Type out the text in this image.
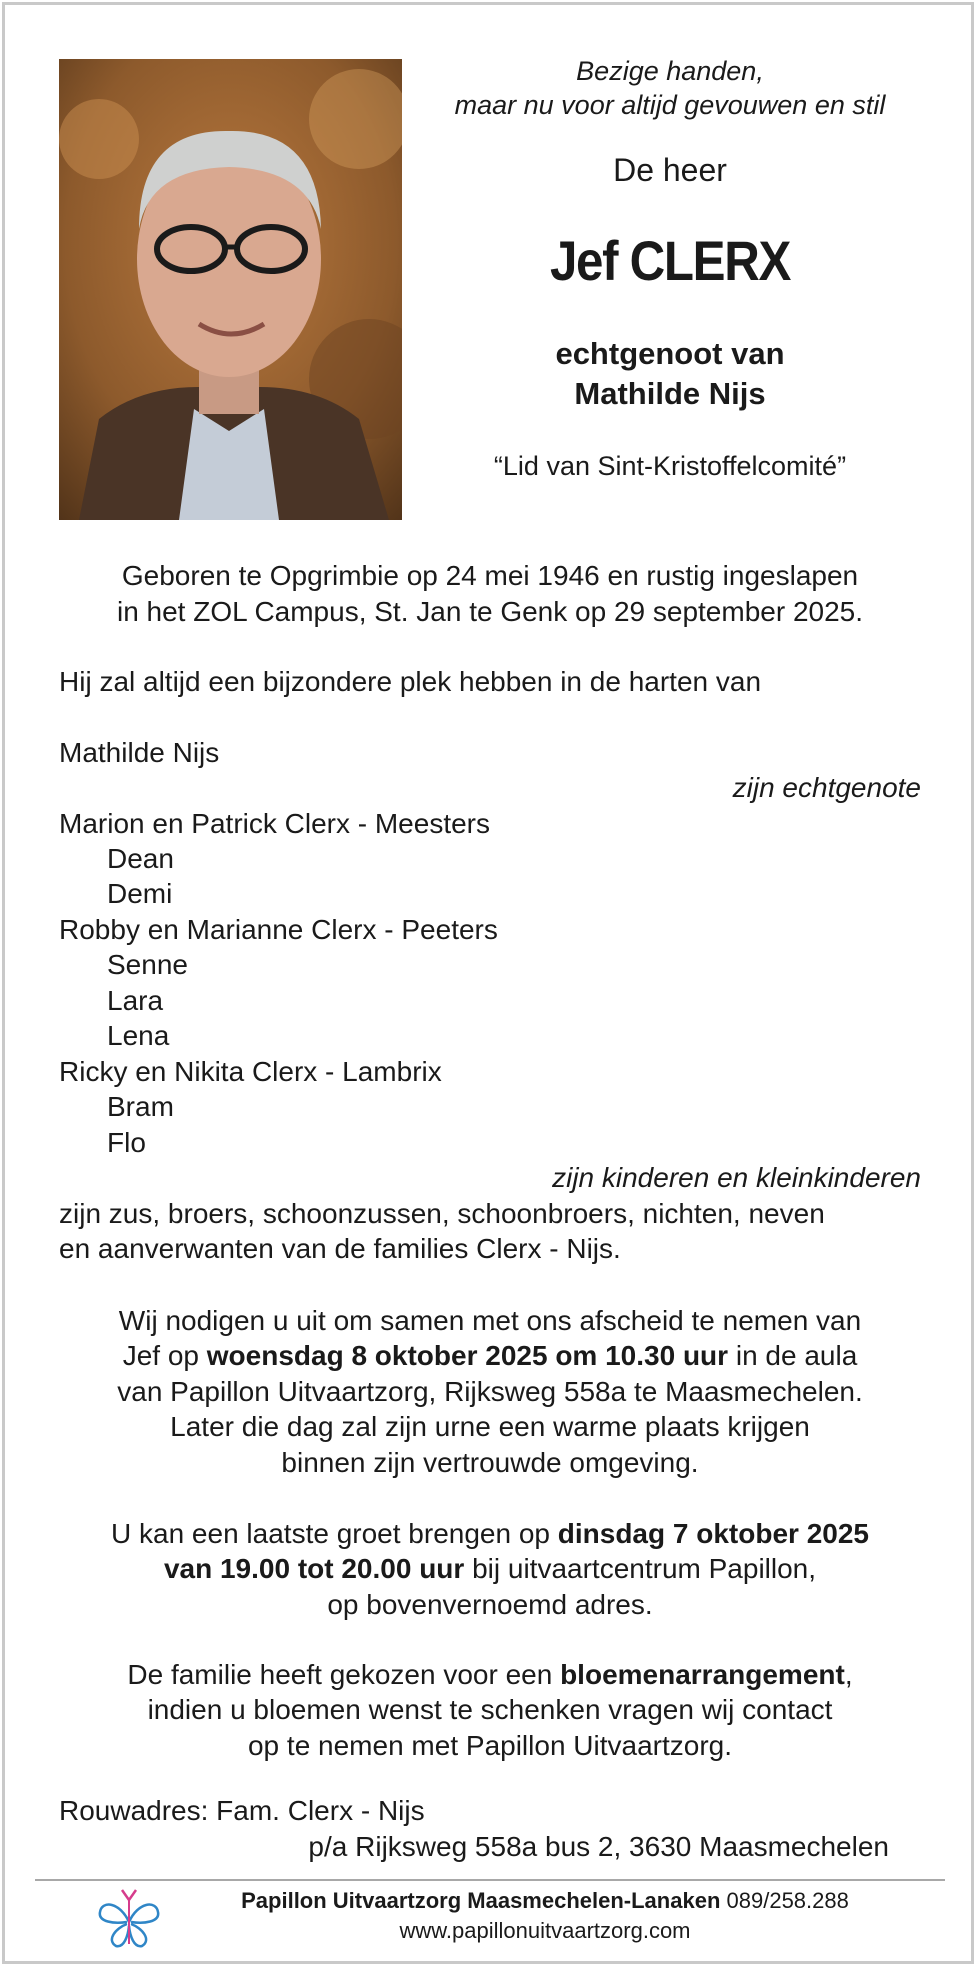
Bezige handen,
maar nu voor altijd gevouwen en stil
De heer
Jef CLERX
echtgenoot van
Mathilde Nijs
“Lid van Sint-Kristoffelcomité”
Geboren te Opgrimbie op 24 mei 1946 en rustig ingeslapen
in het ZOL Campus, St. Jan te Genk op 29 september 2025.
Hij zal altijd een bijzondere plek hebben in de harten van
Mathilde Nijs
zijn echtgenote
Marion en Patrick Clerx - Meesters
Dean
Demi
Robby en Marianne Clerx - Peeters
Senne
Lara
Lena
Ricky en Nikita Clerx - Lambrix
Bram
Flo
zijn kinderen en kleinkinderen
zijn zus, broers, schoonzussen, schoonbroers, nichten, neven
en aanverwanten van de families Clerx - Nijs.
Wij nodigen u uit om samen met ons afscheid te nemen van
Jef op woensdag 8 oktober 2025 om 10.30 uur in de aula
van Papillon Uitvaartzorg, Rijksweg 558a te Maasmechelen.
Later die dag zal zijn urne een warme plaats krijgen
binnen zijn vertrouwde omgeving.
U kan een laatste groet brengen op dinsdag 7 oktober 2025
van 19.00 tot 20.00 uur bij uitvaartcentrum Papillon,
op bovenvernoemd adres.
De familie heeft gekozen voor een bloemenarrangement,
indien u bloemen wenst te schenken vragen wij contact
op te nemen met Papillon Uitvaartzorg.
Rouwadres: Fam. Clerx - Nijs
p/a Rijksweg 558a bus 2, 3630 Maasmechelen
Papillon Uitvaartzorg Maasmechelen-Lanaken 089/258.288
www.papillonuitvaartzorg.com
